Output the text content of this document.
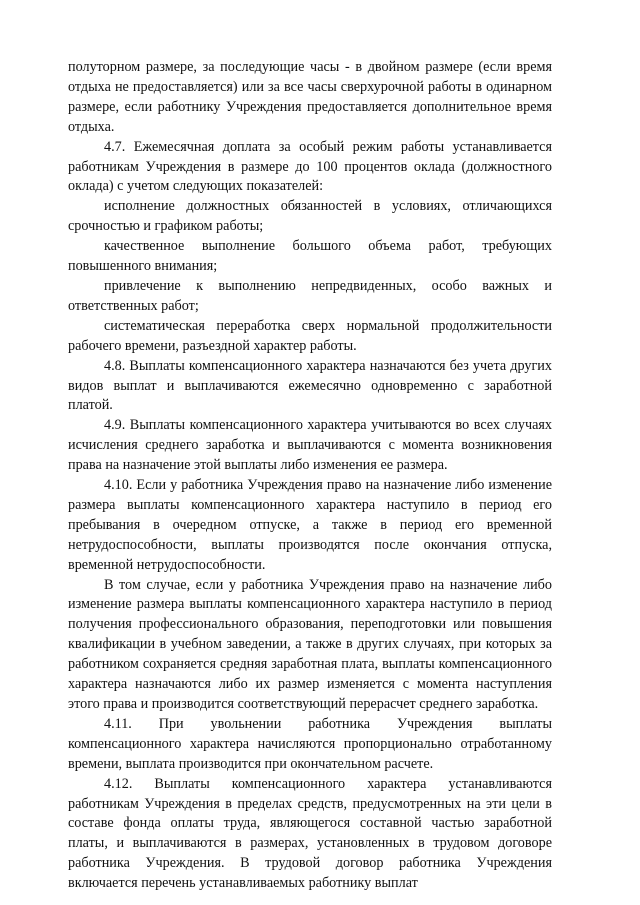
полуторном размере, за последующие часы - в двойном размере (если время отдыха не предоставляется) или за все часы сверхурочной работы в одинарном размере, если работнику Учреждения предоставляется дополнительное время отдыха.

4.7. Ежемесячная доплата за особый режим работы устанавливается работникам Учреждения в размере до 100 процентов оклада (должностного оклада) с учетом следующих показателей:

исполнение должностных обязанностей в условиях, отличающихся срочностью и графиком работы;

качественное выполнение большого объема работ, требующих повышенного внимания;

привлечение к выполнению непредвиденных, особо важных и ответственных работ;

систематическая переработка сверх нормальной продолжительности рабочего времени, разъездной характер работы.

4.8. Выплаты компенсационного характера назначаются без учета других видов выплат и выплачиваются ежемесячно одновременно с заработной платой.

4.9. Выплаты компенсационного характера учитываются во всех случаях исчисления среднего заработка и выплачиваются с момента возникновения права на назначение этой выплаты либо изменения ее размера.

4.10. Если у работника Учреждения право на назначение либо изменение размера выплаты компенсационного характера наступило в период его пребывания в очередном отпуске, а также в период его временной нетрудоспособности, выплаты производятся после окончания отпуска, временной нетрудоспособности.

В том случае, если у работника Учреждения право на назначение либо изменение размера выплаты компенсационного характера наступило в период получения профессионального образования, переподготовки или повышения квалификации в учебном заведении, а также в других случаях, при которых за работником сохраняется средняя заработная плата, выплаты компенсационного характера назначаются либо их размер изменяется с момента наступления этого права и производится соответствующий перерасчет среднего заработка.

4.11. При увольнении работника Учреждения выплаты компенсационного характера начисляются пропорционально отработанному времени, выплата производится при окончательном расчете.

4.12. Выплаты компенсационного характера устанавливаются работникам Учреждения в пределах средств, предусмотренных на эти цели в составе фонда оплаты труда, являющегося составной частью заработной платы, и выплачиваются в размерах, установленных в трудовом договоре работника Учреждения. В трудовой договор работника Учреждения включается перечень устанавливаемых работнику выплат
